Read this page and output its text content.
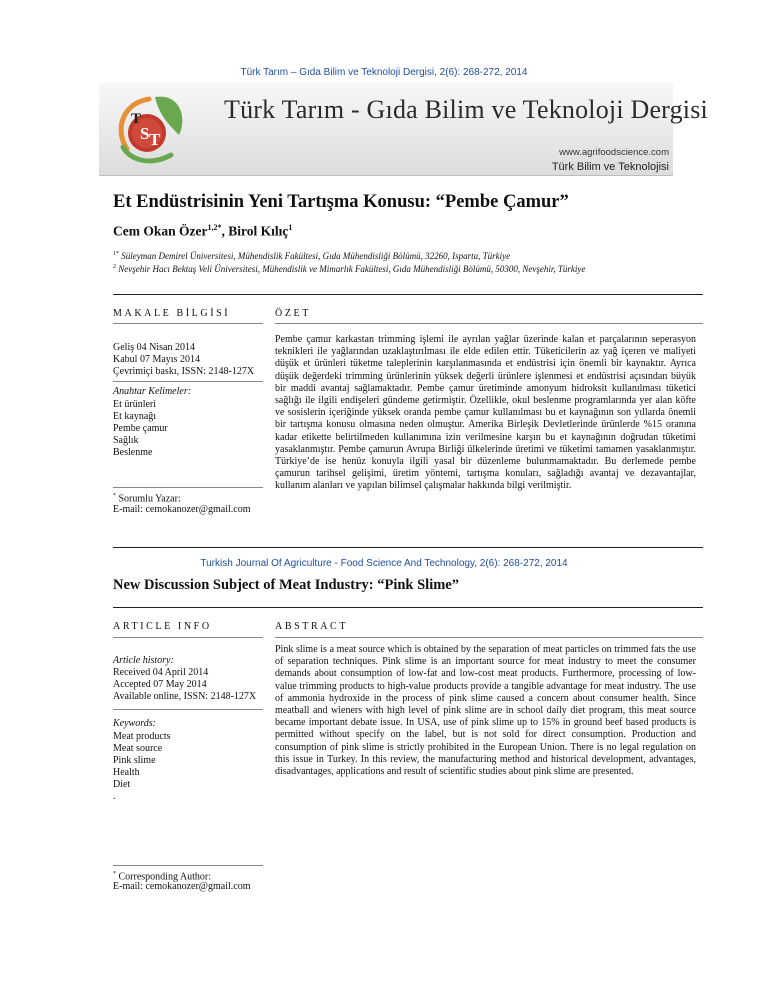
Türk Tarım – Gıda Bilim ve Teknoloji Dergisi, 2(6): 268-272, 2014
T
S T
Türk Tarım - Gıda Bilim ve Teknoloji Dergisi
www.agrifoodscience.com
Türk Bilim ve Teknolojisi
Et Endüstrisinin Yeni Tartışma Konusu: “Pembe Çamur”
Cem Okan Özer$^{1,2*}$, Birol Kılıç$^1$
$^{1*}$ Süleyman Demirel Üniversitesi, Mühendislik Fakültesi, Gıda Mühendisliği Bölümü, 32260, Isparta, Türkiye
$^2$ Nevşehir Hacı Bektaş Veli Üniversitesi, Mühendislik ve Mimarlık Fakültesi, Gıda Mühendisliği Bölümü, 50300, Nevşehir, Türkiye
MAKALE BİLGİSİ	ÖZET
Geliş 04 Nisan 2014
Kabul 07 Mayıs 2014
Çevrimiçi baskı, ISSN: 2148-127X
Anahtar Kelimeler:
Et ürünleri
Et kaynağı
Pembe çamur
Sağlık
Beslenme
* Sorumlu Yazar:
E-mail: cemokanozer@gmail.com
Pembe çamur karkastan trimming işlemi ile ayrılan yağlar üzerinde kalan et parçalarının seperasyon teknikleri ile yağlarından uzaklaştırılması ile elde edilen ettir. Tüketicilerin az yağ içeren ve maliyeti düşük et ürünleri tüketme taleplerinin karşılanmasında et endüstrisi için önemli bir kaynaktır. Ayrıca düşük değerdeki trimming ürünlerinin yüksek değerli ürünlere işlenmesi et endüstrisi açısından büyük bir maddi avantaj sağlamaktadır. Pembe çamur üretiminde amonyum hidroksit kullanılması tüketici sağlığı ile ilgili endişeleri gündeme getirmiştir. Özellikle, okul beslenme programlarında yer alan köfte ve sosislerin içeriğinde yüksek oranda pembe çamur kullanılması bu et kaynağının son yıllarda önemli bir tartışma konusu olmasına neden olmuştur. Amerika Birleşik Devletlerinde ürünlerde %15 oranına kadar etikette belirtilmeden kullanımına izin verilmesine karşın bu et kaynağının doğrudan tüketimi yasaklanmıştır. Pembe çamurun Avrupa Birliği ülkelerinde üretimi ve tüketimi tamamen yasaklanmıştır. Türkiye’de ise henüz konuyla ilgili yasal bir düzenleme bulunmamaktadır. Bu derlemede pembe çamurun tarihsel gelişimi, üretim yöntemi, tartışma konuları, sağladığı avantaj ve dezavantajlar, kullanım alanları ve yapılan bilimsel çalışmalar hakkında bilgi verilmiştir.
Turkish Journal Of Agriculture - Food Science And Technology, 2(6): 268-272, 2014
New Discussion Subject of Meat Industry: “Pink Slime”
ARTICLE INFO	ABSTRACT
Article history:
Received 04 April 2014
Accepted 07 May 2014
Available online, ISSN: 2148-127X
Keywords:
Meat products
Meat source
Pink slime
Health
Diet
.
* Corresponding Author:
E-mail: cemokanozer@gmail.com
Pink slime is a meat source which is obtained by the separation of meat particles on trimmed fats the use of separation techniques. Pink slime is an important source for meat industry to meet the consumer demands about consumption of low-fat and low-cost meat products. Furthermore, processing of low-value trimming products to high-value products provide a tangible advantage for meat industry. The use of ammonia hydroxide in the process of pink slime caused a concern about consumer health. Since meatball and wieners with high level of pink slime are in school daily diet program, this meat source became important debate issue. In USA, use of pink slime up to 15% in ground beef based products is permitted without specify on the label, but is not sold for direct consumption. Production and consumption of pink slime is strictly prohibited in the European Union. There is no legal regulation on this issue in Turkey. In this review, the manufacturing method and historical development, advantages, disadvantages, applications and result of scientific studies about pink slime are presented.
